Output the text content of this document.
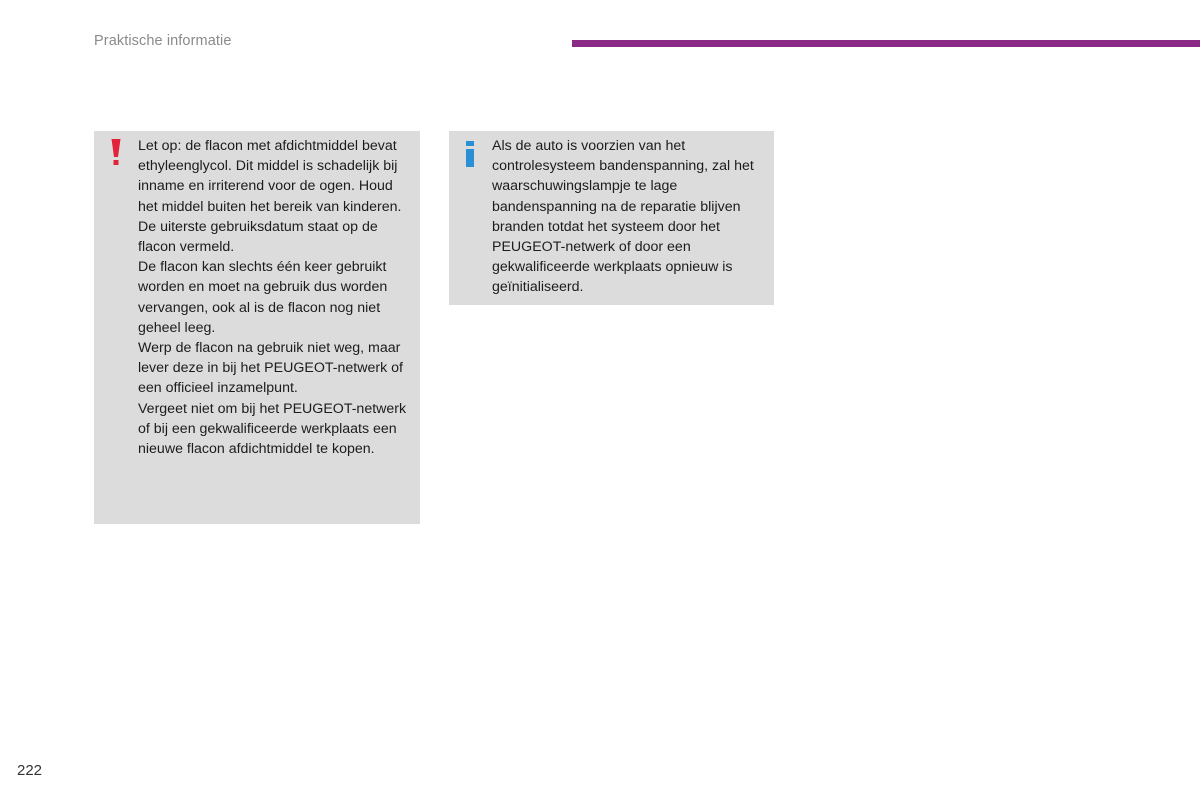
Praktische informatie

Let op: de flacon met afdichtmiddel bevat ethyleenglycol. Dit middel is schadelijk bij inname en irriterend voor de ogen. Houd het middel buiten het bereik van kinderen.

De uiterste gebruiksdatum staat op de flacon vermeld.

De flacon kan slechts één keer gebruikt worden en moet na gebruik dus worden vervangen, ook al is de flacon nog niet geheel leeg.

Werp de flacon na gebruik niet weg, maar lever deze in bij het PEUGEOT-netwerk of een officieel inzamelpunt.

Vergeet niet om bij het PEUGEOT-netwerk of bij een gekwalificeerde werkplaats een nieuwe flacon afdichtmiddel te kopen.

Als de auto is voorzien van het controlesysteem bandenspanning, zal het waarschuwingslampje te lage bandenspanning na de reparatie blijven branden totdat het systeem door het PEUGEOT-netwerk of door een gekwalificeerde werkplaats opnieuw is geïnitialiseerd.

222
